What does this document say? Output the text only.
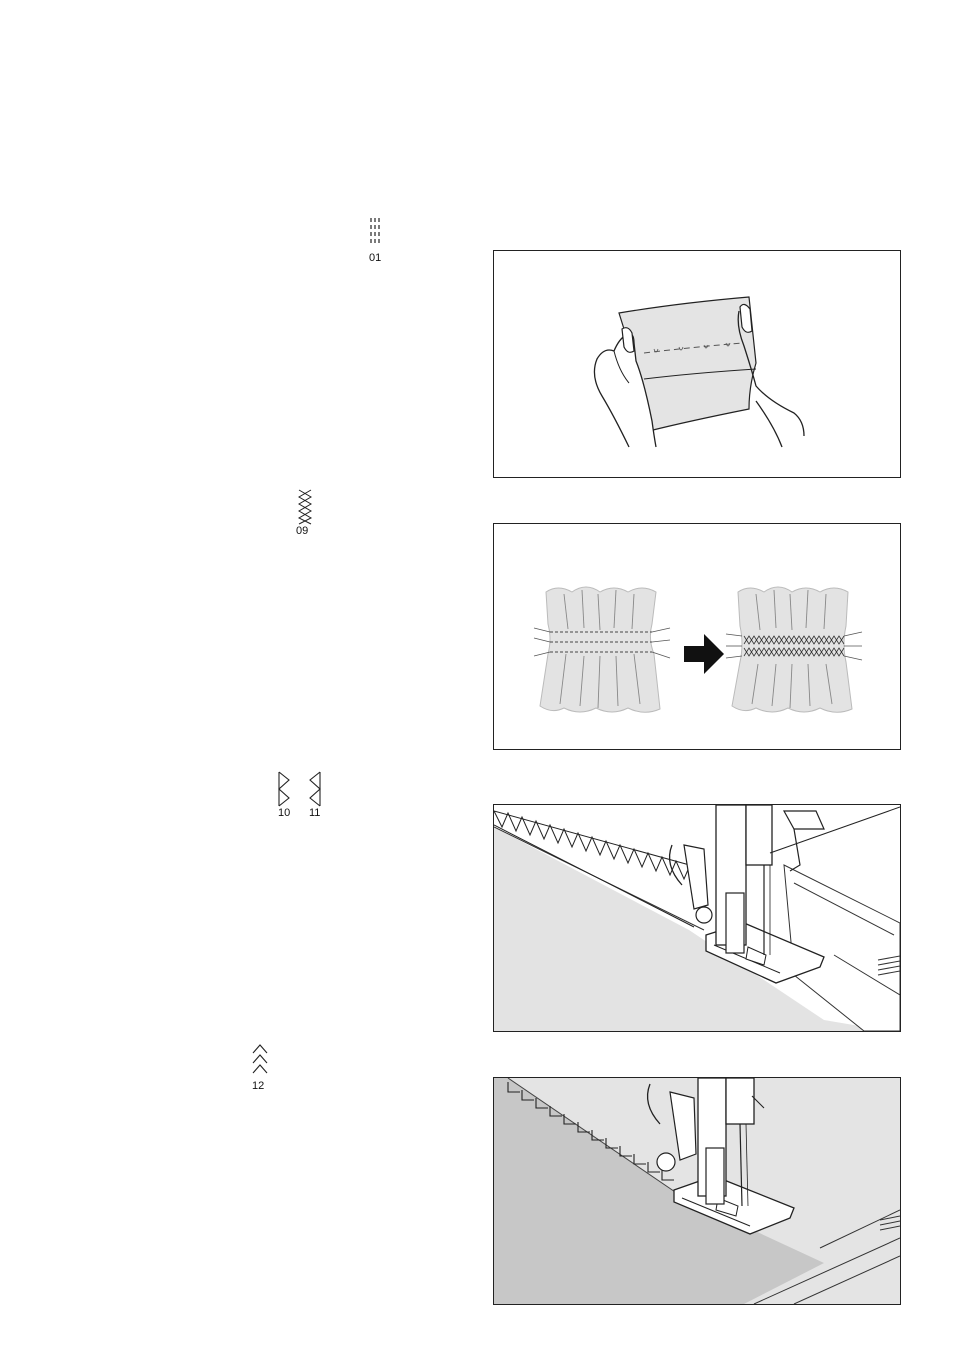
01
09
10 11
12
